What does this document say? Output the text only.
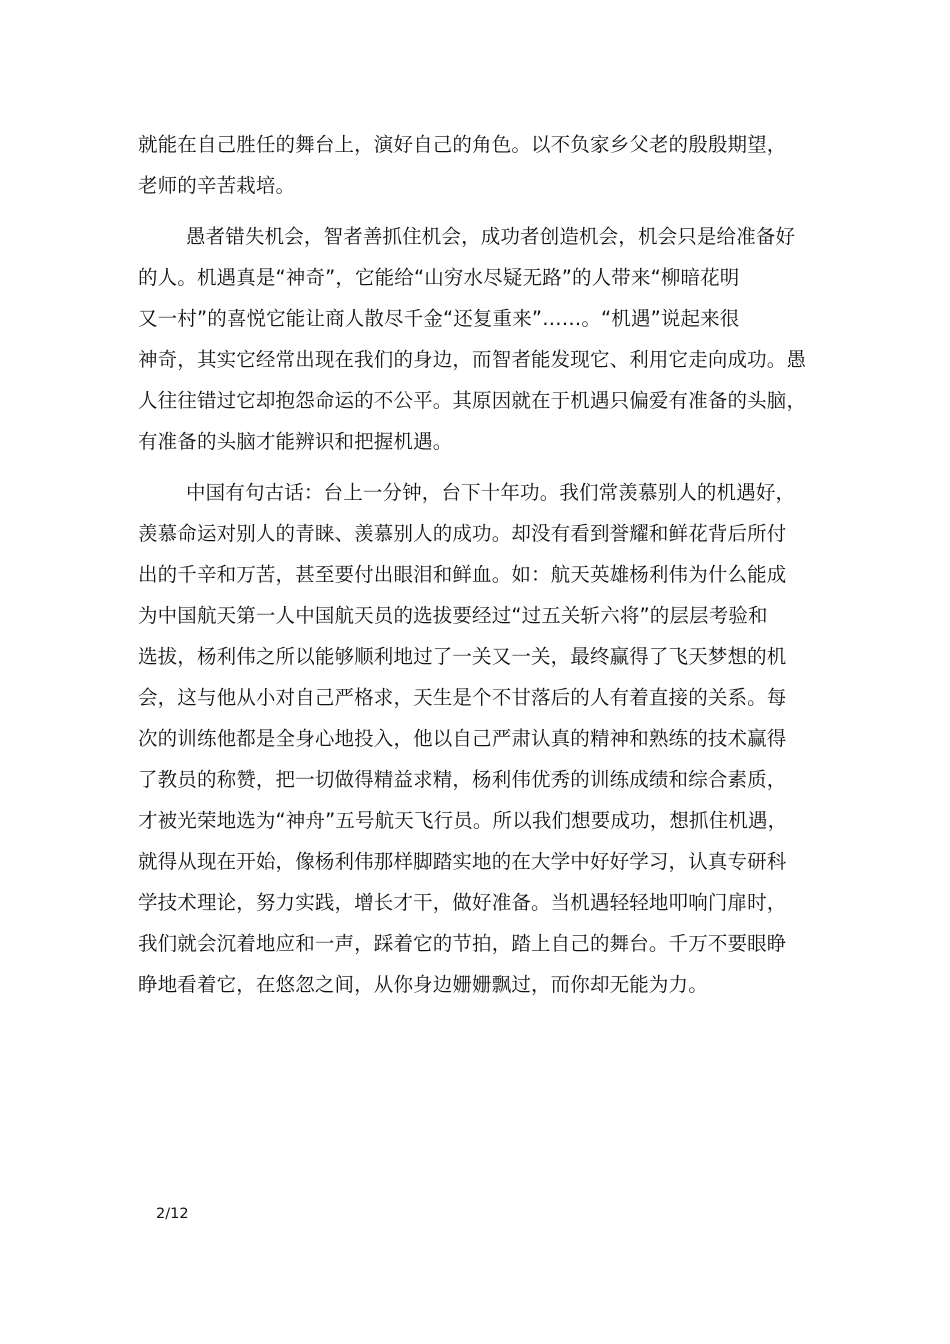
就能在自己胜任的舞台上，演好自己的角色。以不负家乡父老的殷殷期望，
老师的辛苦栽培。
愚者错失机会，智者善抓住机会，成功者创造机会，机会只是给准备好
的人。机遇真是“神奇”，它能给“山穷水尽疑无路”的人带来“柳暗花明
又一村”的喜悦它能让商人散尽千金“还复重来”……。“机遇”说起来很
神奇，其实它经常出现在我们的身边，而智者能发现它、利用它走向成功。愚
人往往错过它却抱怨命运的不公平。其原因就在于机遇只偏爱有准备的头脑，
有准备的头脑才能辨识和把握机遇。
中国有句古话：台上一分钟，台下十年功。我们常羡慕别人的机遇好，
羡慕命运对别人的青睐、羡慕别人的成功。却没有看到誉耀和鲜花背后所付
出的千辛和万苦，甚至要付出眼泪和鲜血。如：航天英雄杨利伟为什么能成
为中国航天第一人中国航天员的选拔要经过“过五关斩六将”的层层考验和
选拔，杨利伟之所以能够顺利地过了一关又一关，最终赢得了飞天梦想的机
会，这与他从小对自己严格求，天生是个不甘落后的人有着直接的关系。每
次的训练他都是全身心地投入，他以自己严肃认真的精神和熟练的技术赢得
了教员的称赞，把一切做得精益求精，杨利伟优秀的训练成绩和综合素质，
才被光荣地选为“神舟”五号航天飞行员。所以我们想要成功，想抓住机遇，
就得从现在开始，像杨利伟那样脚踏实地的在大学中好好学习，认真专研科
学技术理论，努力实践，增长才干，做好准备。当机遇轻轻地叩响门扉时，
我们就会沉着地应和一声，踩着它的节拍，踏上自己的舞台。千万不要眼睁
睁地看着它，在悠忽之间，从你身边姗姗飘过，而你却无能为力。
2/12
